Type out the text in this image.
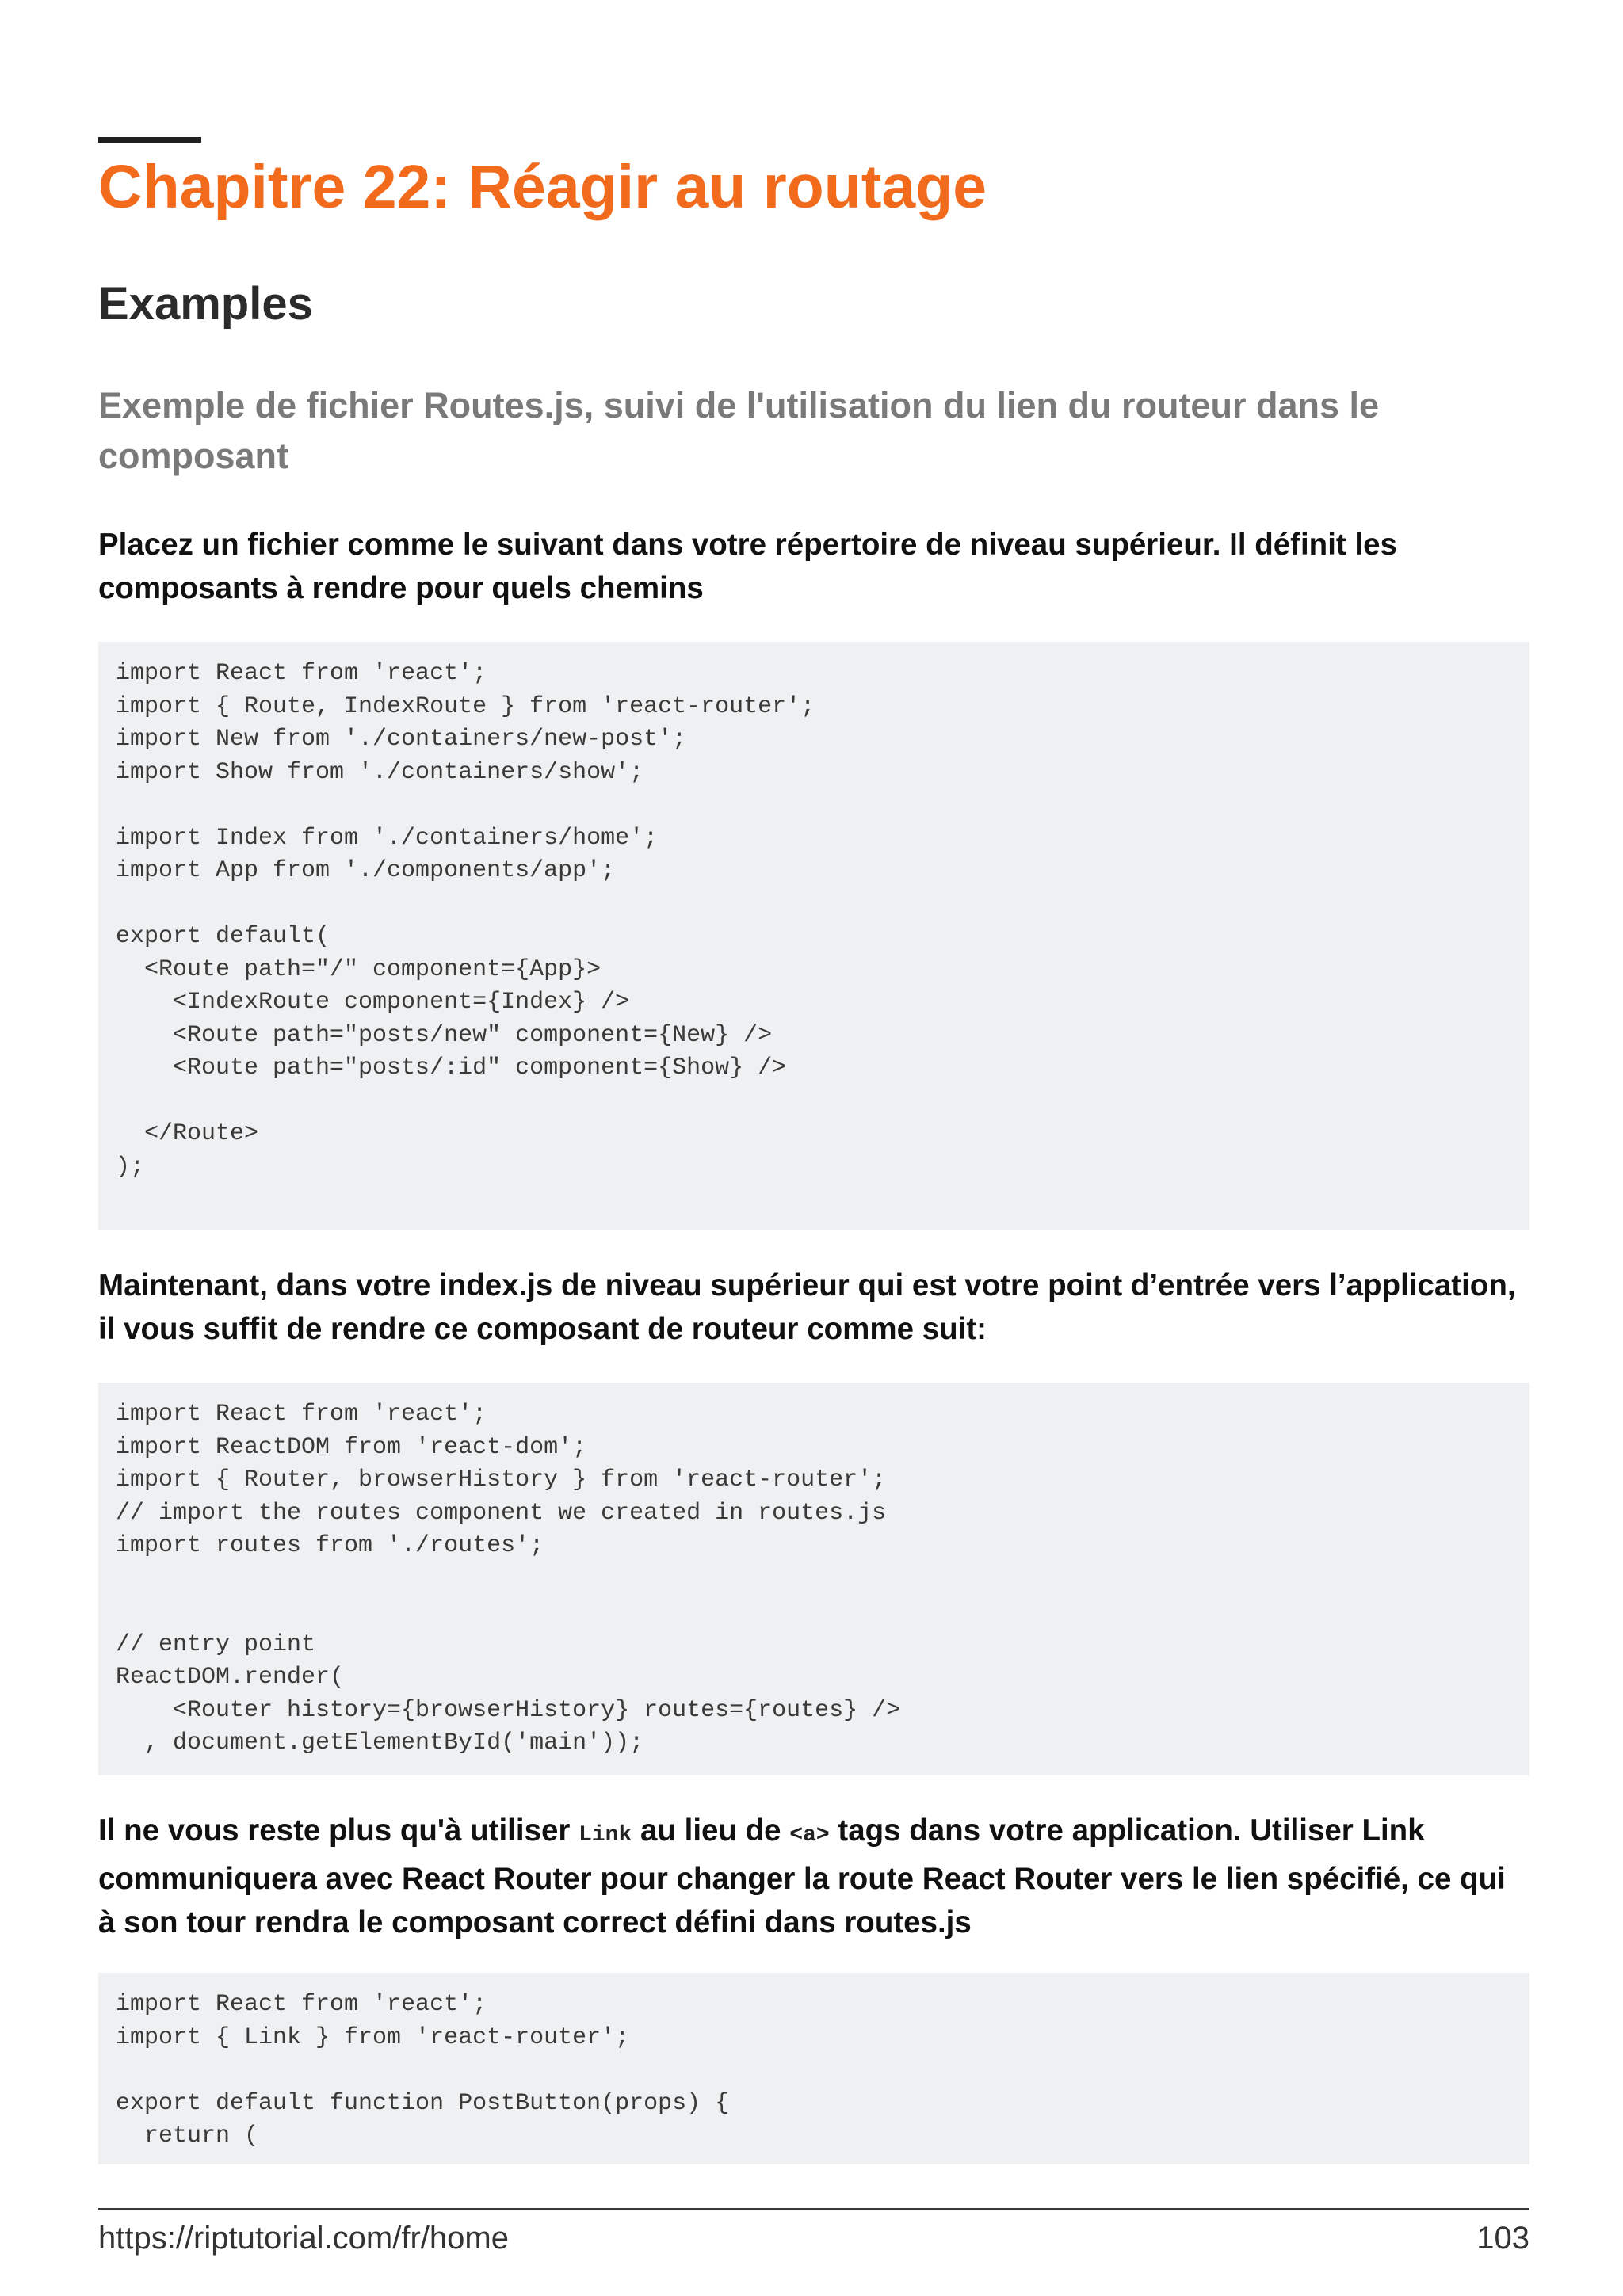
Chapitre 22: Réagir au routage
Examples
Exemple de fichier Routes.js, suivi de l'utilisation du lien du routeur dans le composant

Placez un fichier comme le suivant dans votre répertoire de niveau supérieur. Il définit les composants à rendre pour quels chemins

import React from 'react';
import { Route, IndexRoute } from 'react-router';
import New from './containers/new-post';
import Show from './containers/show';
import Index from './containers/home';
import App from './components/app';
export default(
<Route path="/" component={App}>
<IndexRoute component={Index} />
<Route path="posts/new" component={New} />
<Route path="posts/:id" component={Show} />
</Route>
);

Maintenant, dans votre index.js de niveau supérieur qui est votre point d’entrée vers l’application, il vous suffit de rendre ce composant de routeur comme suit:

import React from 'react';
import ReactDOM from 'react-dom';
import { Router, browserHistory } from 'react-router';
// import the routes component we created in routes.js
import routes from './routes';
// entry point
ReactDOM.render(
<Router history={browserHistory} routes={routes} />
, document.getElementById('main'));

Il ne vous reste plus qu'à utiliser Link au lieu de <a> tags dans votre application. Utiliser Link communiquera avec React Router pour changer la route React Router vers le lien spécifié, ce qui à son tour rendra le composant correct défini dans routes.js

import React from 'react';
import { Link } from 'react-router';
export default function PostButton(props) {
return (
https://riptutorial.com/fr/home	103
